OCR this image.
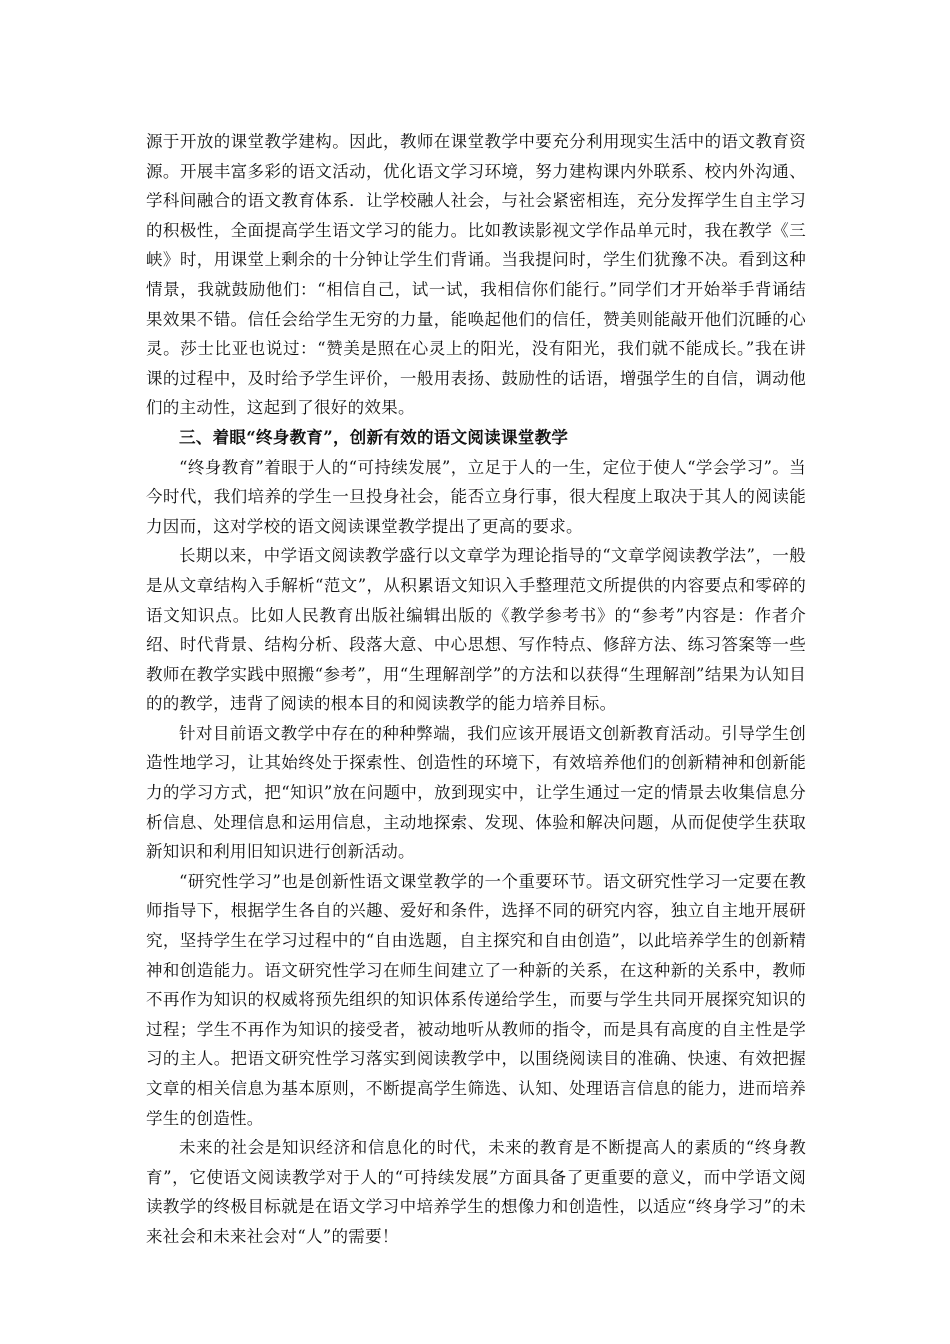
源于开放的课堂教学建构。因此，教师在课堂教学中要充分利用现实生活中的语文教育资源。开展丰富多彩的语文活动，优化语文学习环境，努力建构课内外联系、校内外沟通、学科间融合的语文教育体系．让学校融人社会，与社会紧密相连，充分发挥学生自主学习的积极性，全面提高学生语文学习的能力。比如教读影视文学作品单元时，我在教学《三峡》时，用课堂上剩余的十分钟让学生们背诵。当我提问时，学生们犹豫不决。看到这种情景，我就鼓励他们：“相信自己，试一试，我相信你们能行。”同学们才开始举手背诵结果效果不错。信任会给学生无穷的力量，能唤起他们的信任，赞美则能敲开他们沉睡的心灵。莎士比亚也说过：“赞美是照在心灵上的阳光，没有阳光，我们就不能成长。”我在讲课的过程中，及时给予学生评价，一般用表扬、鼓励性的话语，增强学生的自信，调动他们的主动性，这起到了很好的效果。

三、着眼“终身教育”，创新有效的语文阅读课堂教学

“终身教育”着眼于人的“可持续发展”，立足于人的一生，定位于使人“学会学习”。当今时代，我们培养的学生一旦投身社会，能否立身行事，很大程度上取决于其人的阅读能力因而，这对学校的语文阅读课堂教学提出了更高的要求。

长期以来，中学语文阅读教学盛行以文章学为理论指导的“文章学阅读教学法”，一般是从文章结构入手解析“范文”，从积累语文知识入手整理范文所提供的内容要点和零碎的语文知识点。比如人民教育出版社编辑出版的《教学参考书》的“参考”内容是：作者介绍、时代背景、结构分析、段落大意、中心思想、写作特点、修辞方法、练习答案等一些教师在教学实践中照搬“参考”，用“生理解剖学”的方法和以获得“生理解剖”结果为认知目的的教学，违背了阅读的根本目的和阅读教学的能力培养目标。

针对目前语文教学中存在的种种弊端，我们应该开展语文创新教育活动。引导学生创造性地学习，让其始终处于探索性、创造性的环境下，有效培养他们的创新精神和创新能力的学习方式，把“知识”放在问题中，放到现实中，让学生通过一定的情景去收集信息分析信息、处理信息和运用信息，主动地探索、发现、体验和解决问题，从而促使学生获取新知识和利用旧知识进行创新活动。

“研究性学习”也是创新性语文课堂教学的一个重要环节。语文研究性学习一定要在教师指导下，根据学生各自的兴趣、爱好和条件，选择不同的研究内容，独立自主地开展研究，坚持学生在学习过程中的“自由选题，自主探究和自由创造”，以此培养学生的创新精神和创造能力。语文研究性学习在师生间建立了一种新的关系，在这种新的关系中，教师不再作为知识的权威将预先组织的知识体系传递给学生，而要与学生共同开展探究知识的过程；学生不再作为知识的接受者，被动地听从教师的指令，而是具有高度的自主性是学习的主人。把语文研究性学习落实到阅读教学中，以围绕阅读目的准确、快速、有效把握文章的相关信息为基本原则，不断提高学生筛选、认知、处理语言信息的能力，进而培养学生的创造性。

未来的社会是知识经济和信息化的时代，未来的教育是不断提高人的素质的“终身教育”，它使语文阅读教学对于人的“可持续发展”方面具备了更重要的意义，而中学语文阅读教学的终极目标就是在语文学习中培养学生的想像力和创造性，以适应“终身学习”的未来社会和未来社会对“人”的需要！
